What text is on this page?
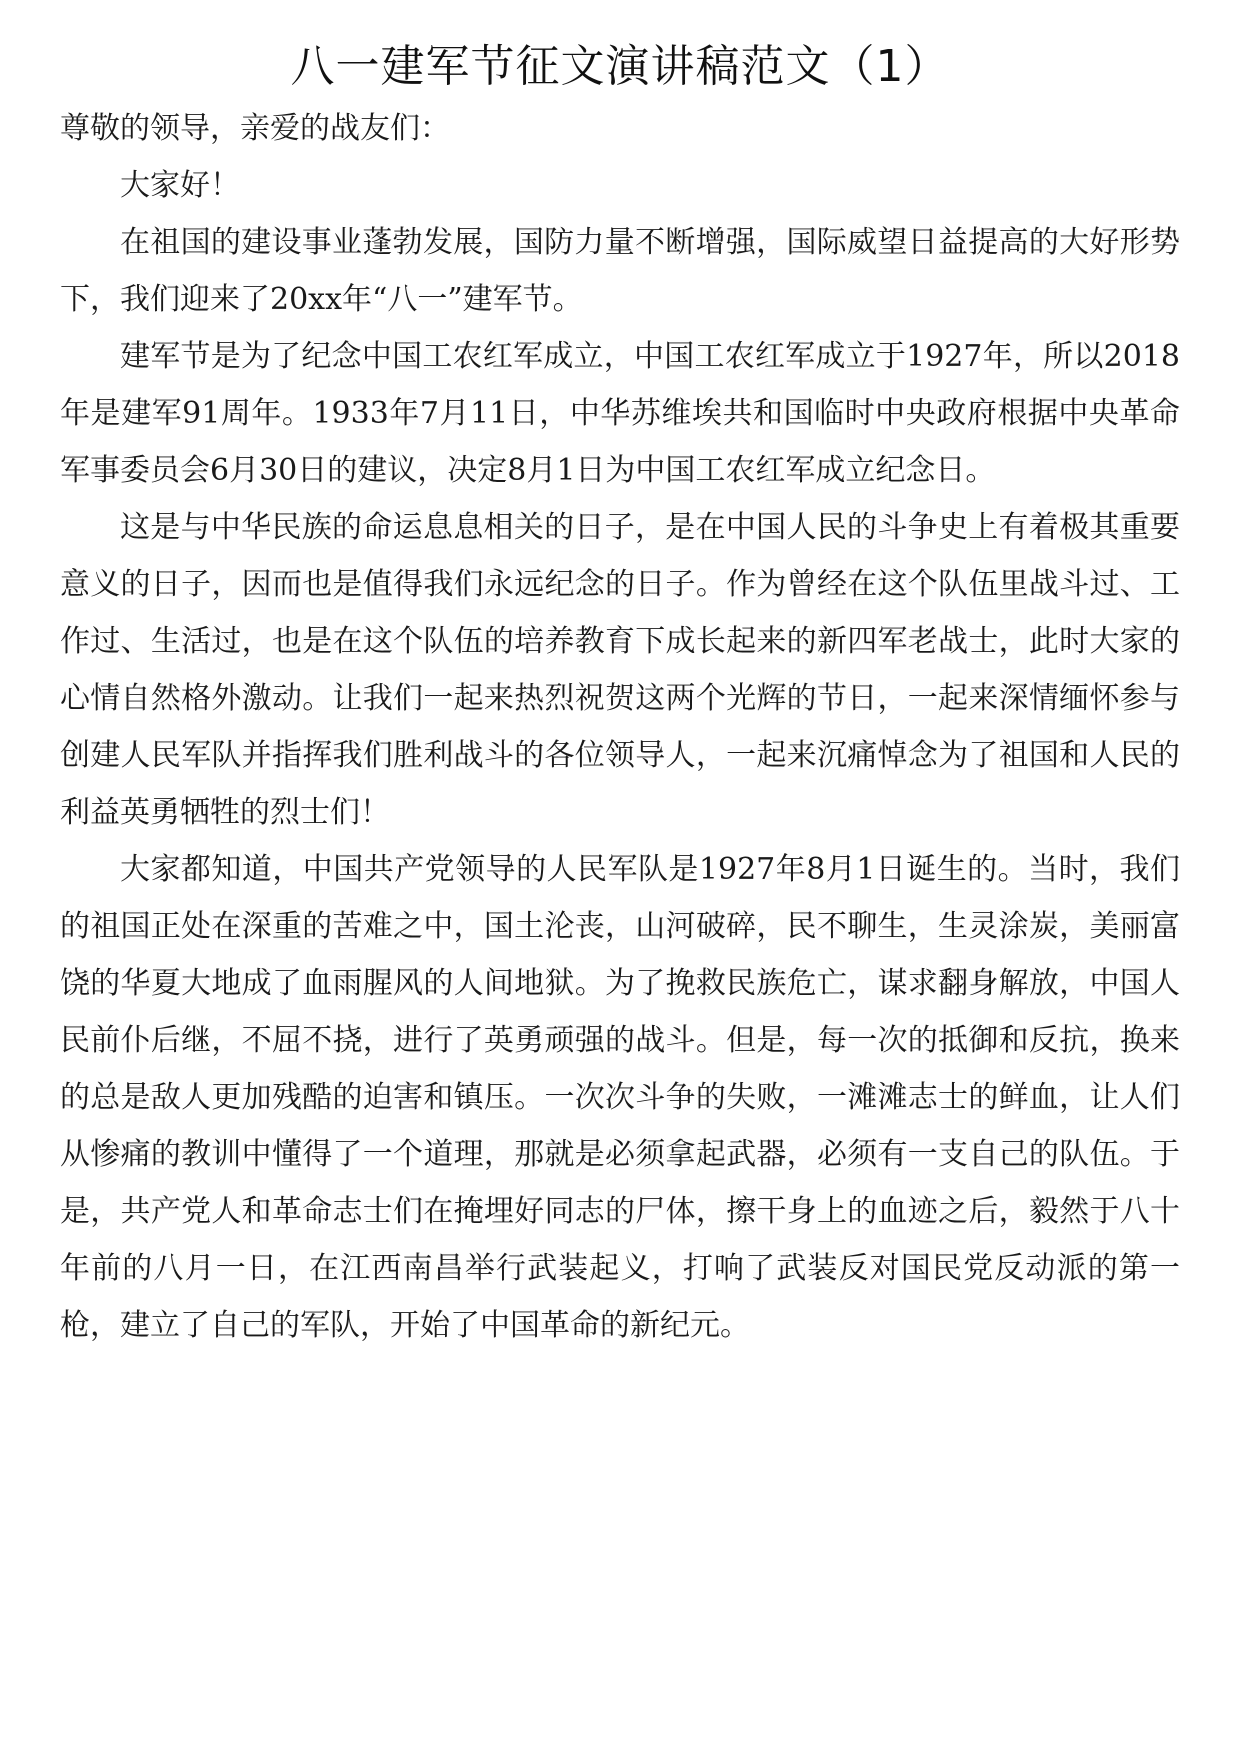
八一建军节征文演讲稿范文（1）

尊敬的领导，亲爱的战友们：

大家好！

在祖国的建设事业蓬勃发展，国防力量不断增强，国际威望日益提高的大好形势下，我们迎来了20xx年“八一”建军节。

建军节是为了纪念中国工农红军成立，中国工农红军成立于1927年，所以2018年是建军91周年。1933年7月11日，中华苏维埃共和国临时中央政府根据中央革命军事委员会6月30日的建议，决定8月1日为中国工农红军成立纪念日。

这是与中华民族的命运息息相关的日子，是在中国人民的斗争史上有着极其重要意义的日子，因而也是值得我们永远纪念的日子。作为曾经在这个队伍里战斗过、工作过、生活过，也是在这个队伍的培养教育下成长起来的新四军老战士，此时大家的心情自然格外激动。让我们一起来热烈祝贺这两个光辉的节日，一起来深情缅怀参与创建人民军队并指挥我们胜利战斗的各位领导人，一起来沉痛悼念为了祖国和人民的利益英勇牺牲的烈士们！

大家都知道，中国共产党领导的人民军队是1927年8月1日诞生的。当时，我们的祖国正处在深重的苦难之中，国土沦丧，山河破碎，民不聊生，生灵涂炭，美丽富饶的华夏大地成了血雨腥风的人间地狱。为了挽救民族危亡，谋求翻身解放，中国人民前仆后继，不屈不挠，进行了英勇顽强的战斗。但是，每一次的抵御和反抗，换来的总是敌人更加残酷的迫害和镇压。一次次斗争的失败，一滩滩志士的鲜血，让人们从惨痛的教训中懂得了一个道理，那就是必须拿起武器，必须有一支自己的队伍。于是，共产党人和革命志士们在掩埋好同志的尸体，擦干身上的血迹之后，毅然于八十年前的八月一日，在江西南昌举行武装起义，打响了武装反对国民党反动派的第一枪，建立了自己的军队，开始了中国革命的新纪元。
